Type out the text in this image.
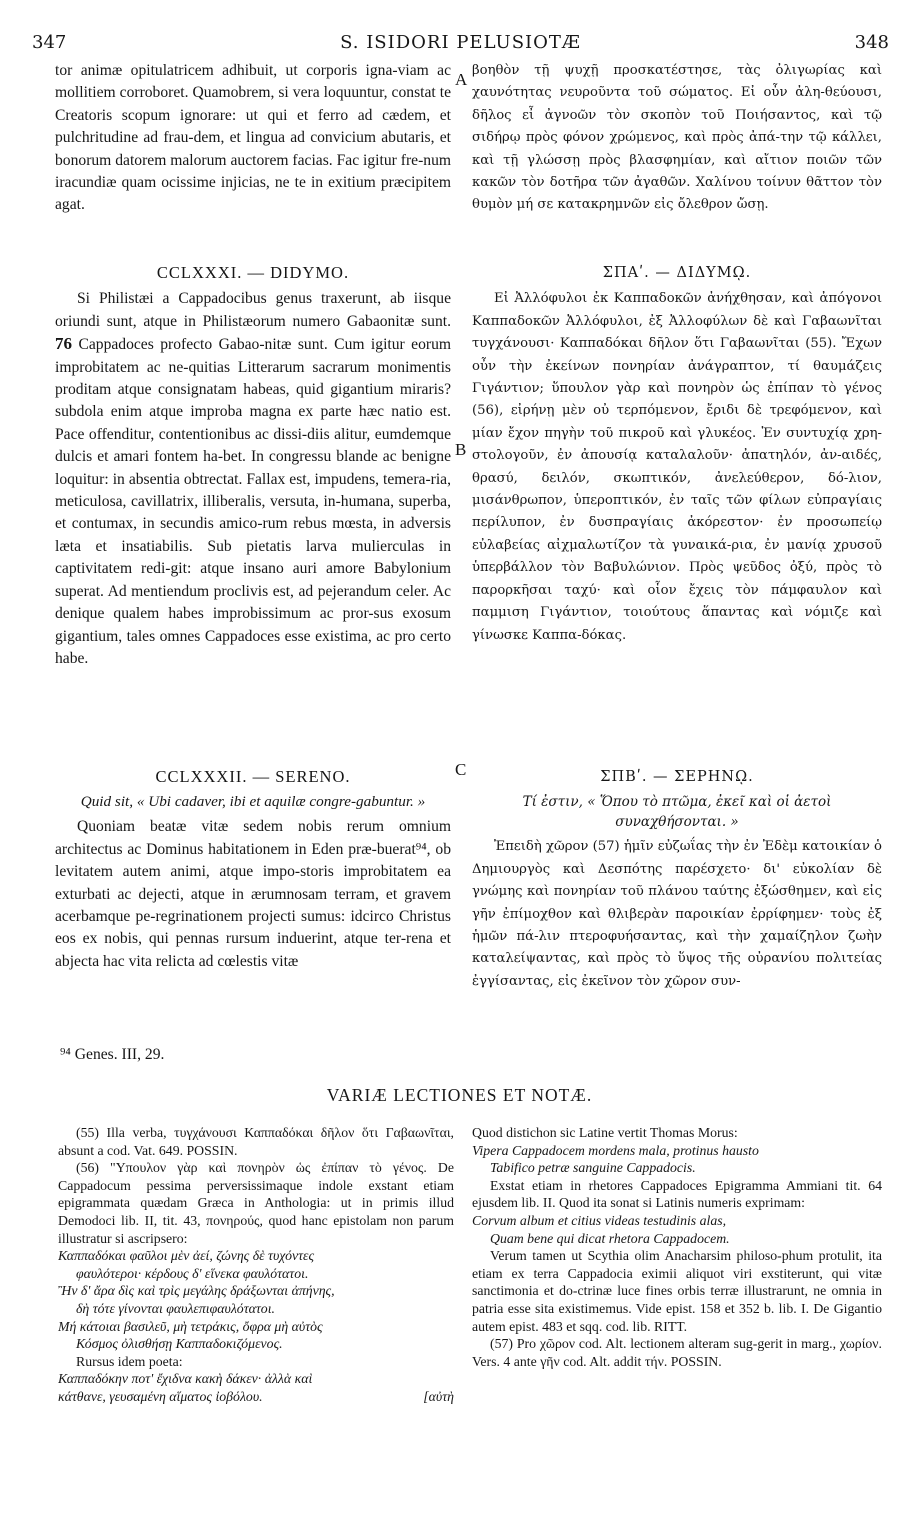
347	S. ISIDORI PELUSIOTÆ	348
A
B
C

tor animæ opitulatricem adhibuit, ut corporis igna-viam ac mollitiem corroboret. Quamobrem, si vera loquuntur, constat te Creatoris scopum ignorare: ut qui et ferro ad cædem, et pulchritudine ad frau-dem, et lingua ad convicium abutaris, et bonorum datorem malorum auctorem facias. Fac igitur fre-num iracundiæ quam ocissime injicias, ne te in exitium præcipitem agat.

CCLXXXI. — DIDYMO.

Si Philistæi a Cappadocibus genus traxerunt, ab iisque oriundi sunt, atque in Philistæorum numero Gabaonitæ sunt. 76 Cappadoces profecto Gabao-nitæ sunt. Cum igitur eorum improbitatem ac ne-quitias Litterarum sacrarum monimentis proditam atque consignatam habeas, quid gigantium miraris? subdola enim atque improba magna ex parte hæc natio est. Pace offenditur, contentionibus ac dissi-diis alitur, eumdemque dulcis et amari fontem ha-bet. In congressu blande ac benigne loquitur: in absentia obtrectat. Fallax est, impudens, temera-ria, meticulosa, cavillatrix, illiberalis, versuta, in-humana, superba, et contumax, in secundis amico-rum rebus mœsta, in adversis læta et insatiabilis. Sub pietatis larva mulierculas in captivitatem redi-git: atque insano auri amore Babylonium superat. Ad mentiendum proclivis est, ad pejerandum celer. Ac denique qualem habes improbissimum ac pror-sus exosum gigantium, tales omnes Cappadoces esse existima, ac pro certo habe.

CCLXXXII. — SERENO.
Quid sit, « Ubi cadaver, ibi et aquilæ congre-gabuntur. »

Quoniam beatæ vitæ sedem nobis rerum omnium architectus ac Dominus habitationem in Eden præ-buerat⁹⁴, ob levitatem autem animi, atque impo-storis improbitatem ea exturbati ac dejecti, atque in ærumnosam terram, et gravem acerbamque pe-regrinationem projecti sumus: idcirco Christus eos ex nobis, qui pennas rursum induerint, atque ter-rena et abjecta hac vita relicta ad cœlestis vitæ

βοηθὸν τῇ ψυχῇ προσκατέστησε, τὰς ὀλιγωρίας καὶ χαυνότητας νευροῦντα τοῦ σώματος. Εἰ οὖν ἀλη-θεύουσι, δῆλος εἶ ἀγνοῶν τὸν σκοπὸν τοῦ Ποιήσαντος, καὶ τῷ σιδήρῳ πρὸς φόνον χρώμενος, καὶ πρὸς ἀπά-την τῷ κάλλει, καὶ τῇ γλώσσῃ πρὸς βλασφημίαν, καὶ αἴτιον ποιῶν τῶν κακῶν τὸν δοτῆρα τῶν ἀγαθῶν. Χαλίνου τοίνυν θᾶττον τὸν θυμὸν μή σε κατακρημνῶν εἰς ὄλεθρον ὤσῃ.

ΣΠΑʹ. — ΔΙΔΥΜῼ.

Εἰ Ἀλλόφυλοι ἐκ Καππαδοκῶν ἀνήχθησαν, καὶ ἀπόγονοι Καππαδοκῶν Ἀλλόφυλοι, ἐξ Ἀλλοφύλων δὲ καὶ Γαβαωνῖται τυγχάνουσι· Καππαδόκαι δῆλον ὅτι Γαβαωνῖται (55). Ἔχων οὖν τὴν ἐκείνων πονηρίαν ἀνάγραπτον, τί θαυμάζεις Γιγάντιον; ὕπουλον γὰρ καὶ πονηρὸν ὡς ἐπίπαν τὸ γένος (56), εἰρήνῃ μὲν οὐ τερπόμενον, ἔριδι δὲ τρεφόμενον, καὶ μίαν ἔχον πηγὴν τοῦ πικροῦ καὶ γλυκέος. Ἐν συντυχίᾳ χρη-στολογοῦν, ἐν ἀπουσίᾳ καταλαλοῦν· ἀπατηλόν, ἀν-αιδές, θρασύ, δειλόν, σκωπτικόν, ἀνελεύθερον, δό-λιον, μισάνθρωπον, ὑπεροπτικόν, ἐν ταῖς τῶν φίλων εὐπραγίαις περίλυπον, ἐν δυσπραγίαις ἀκόρεστον· ἐν προσωπείῳ εὐλαβείας αἰχμαλωτίζον τὰ γυναικά-ρια, ἐν μανίᾳ χρυσοῦ ὑπερβάλλον τὸν Βαβυλώνιον. Πρὸς ψεῦδος ὀξύ, πρὸς τὸ παρορκῆσαι ταχύ· καὶ οἷον ἔχεις τὸν πάμφαυλον καὶ παμμιση Γιγάντιον, τοιούτους ἅπαντας καὶ νόμιζε καὶ γίνωσκε Καππα-δόκας.

ΣΠΒʹ. — ΣΕΡΗΝῼ.
Τί ἐστιν, « Ὅπου τὸ πτῶμα, ἐκεῖ καὶ οἱ ἀετοὶ συναχθήσονται. »

Ἐπειδὴ χῶρον (57) ἡμῖν εὐζωΐας τὴν ἐν Ἐδὲμ κατοικίαν ὁ Δημιουργὸς καὶ Δεσπότης παρέσχετο· δι' εὐκολίαν δὲ γνώμης καὶ πονηρίαν τοῦ πλάνου ταύτης ἐξώσθημεν, καὶ εἰς γῆν ἐπίμοχθον καὶ θλιβερὰν παροικίαν ἐρρίφημεν· τοὺς ἐξ ἡμῶν πά-λιν πτεροφυήσαντας, καὶ τὴν χαμαίζηλον ζωὴν καταλείψαντας, καὶ πρὸς τὸ ὕψος τῆς οὐρανίου πολιτείας ἐγγίσαντας, εἰς ἐκεῖνον τὸν χῶρον συν-

⁹⁴ Genes. III, 29.
VARIÆ LECTIONES ET NOTÆ.

(55) Illa verba, τυγχάνουσι Καππαδόκαι δῆλον ὅτι Γαβαωνῖται, absunt a cod. Vat. 649. POSSIN.

(56) "Υπουλον γὰρ καὶ πονηρὸν ὡς ἐπίπαν τὸ γένος. De Cappadocum pessima perversissimaque indole exstant etiam epigrammata quædam Græca in Anthologia: ut in primis illud Demodoci lib. II, tit. 43, πονηρούς, quod hanc epistolam non parum illustratur si ascripsero:

Καππαδόκαι φαῦλοι μὲν ἀεί, ζώνης δὲ τυχόντες

φαυλότεροι· κέρδους δ' εἵνεκα φαυλότατοι.

Ἢν δ' ἄρα δὶς καὶ τρὶς μεγάλης δράξωνται ἀπήνης,

δὴ τότε γίνονται φαυλεπιφαυλότατοι.

Μή κάτοιαι βασιλεῦ, μὴ τετράκις, ὄφρα μὴ αὐτὸς

Κόσμος ὀλισθήσῃ Καππαδοκιζόμενος.

Rursus idem poeta:

Καππαδόκην ποτ' ἔχιδνα κακὴ δάκεν· ἀλλὰ καὶ

κάτθανε, γευσαμένη αἵματος ἰοβόλου.	[αὐτὴ

Quod distichon sic Latine vertit Thomas Morus:

Vipera Cappadocem mordens mala, protinus hausto

Tabifico petræ sanguine Cappadocis.

Exstat etiam in rhetores Cappadoces Epigramma Ammiani tit. 64 ejusdem lib. II. Quod ita sonat si Latinis numeris exprimam:

Corvum album et citius videas testudinis alas,

Quam bene qui dicat rhetora Cappadocem.

Verum tamen ut Scythia olim Anacharsim philoso-phum protulit, ita etiam ex terra Cappadocia eximii aliquot viri exstiterunt, qui vitæ sanctimonia et do-ctrinæ luce fines orbis terræ illustrarunt, ne omnia in patria esse sita existimemus. Vide epist. 158 et 352 b. lib. I. De Gigantio autem epist. 483 et sqq. cod. lib. RITT.

(57) Pro χῶρον cod. Alt. lectionem alteram sug-gerit in marg., χωρίον. Vers. 4 ante γῆν cod. Alt. addit τήν. POSSIN.
